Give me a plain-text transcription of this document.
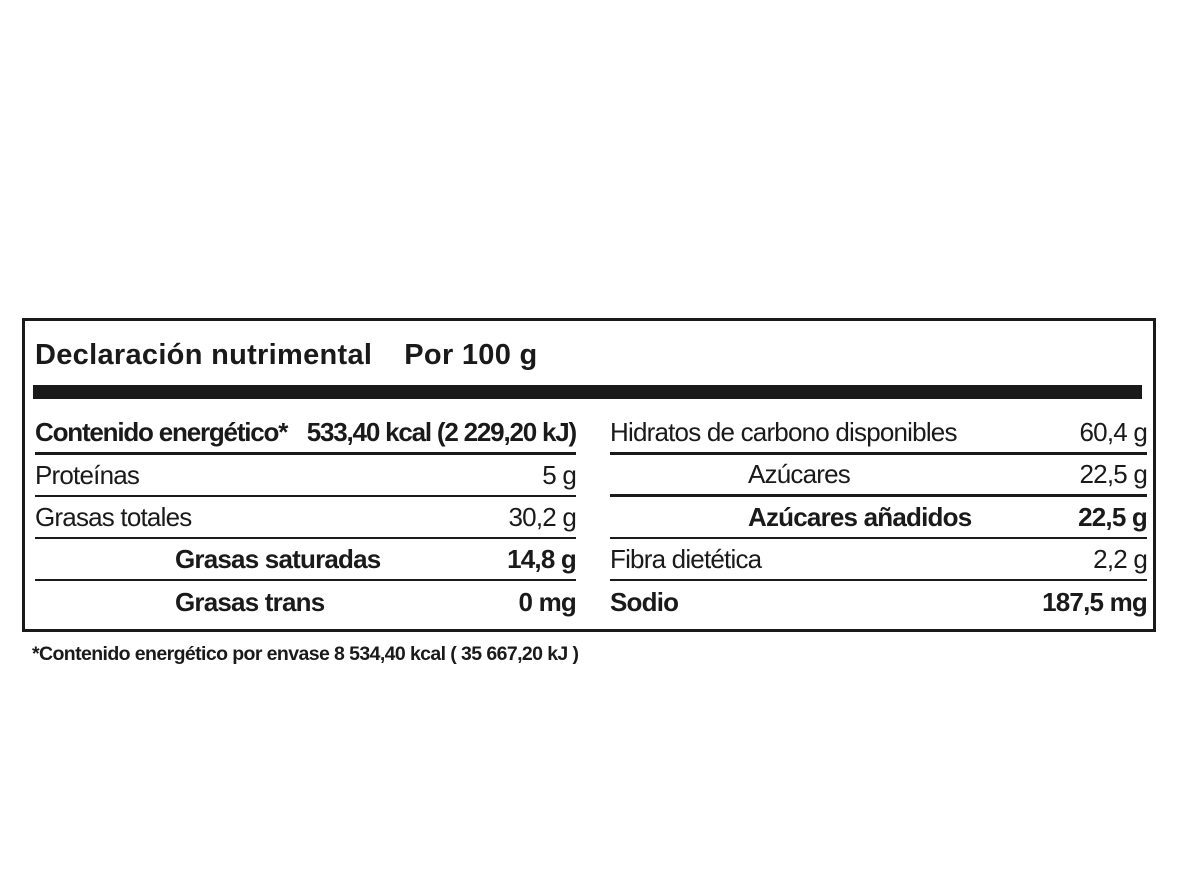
Declaración nutrimental Por 100 g
Contenido energético* 533,40 kcal (2 229,20 kJ)
Proteínas	5 g
Grasas totales	30,2 g
Grasas saturadas	14,8 g
Grasas trans	0 mg
Hidratos de carbono disponibles	60,4 g
Azúcares	22,5 g
Azúcares añadidos	22,5 g
Fibra dietética	2,2 g
Sodio	187,5 mg
*Contenido energético por envase 8 534,40 kcal ( 35 667,20 kJ )
